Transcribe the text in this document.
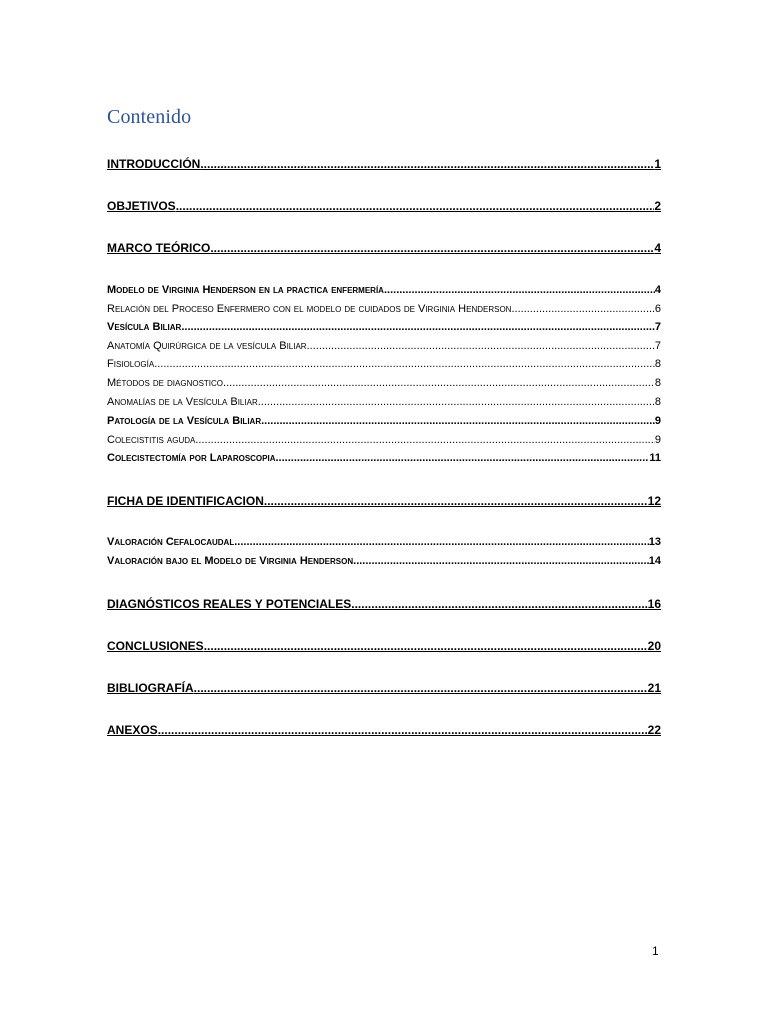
Contenido
INTRODUCCIÓN .....	1
OBJETIVOS .....	2
MARCO TEÓRICO .....	4
Modelo de Virginia Henderson en la practica enfermería .....	4
Relación del Proceso Enfermero con el modelo de cuidados de Virginia Henderson .....	6
Vesícula Biliar .....	7
Anatomía Quirúrgica de la vesícula Biliar .....	7
Fisiología .....	8
Métodos de diagnostico .....	8
Anomalías de la Vesícula Biliar .....	8
Patología de la Vesícula Biliar .....	9
Colecistitis aguda .....	9
Colecistectomía por Laparoscopia .....	11
FICHA DE IDENTIFICACION .....	12
Valoración Cefalocaudal .....	13
Valoración bajo el Modelo de Virginia Henderson .....	14
DIAGNÓSTICOS REALES Y POTENCIALES .....	16
CONCLUSIONES .....	20
BIBLIOGRAFÍA .....	21
ANEXOS .....	22
1
